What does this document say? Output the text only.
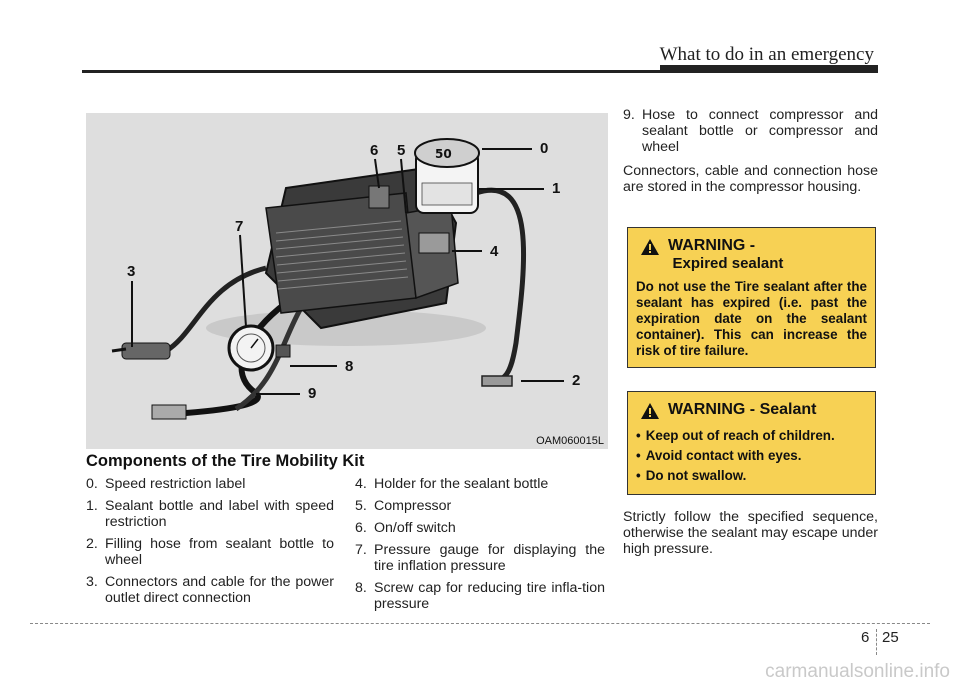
What to do in an emergency
50	0
1
2
3
4
5
6
7
8
9
OAM060015L
Components of the Tire Mobility Kit
0. Speed restriction label
1. Sealant bottle and label with speed restriction
2. Filling hose from sealant bottle to wheel
3. Connectors and cable for the power outlet direct connection
4. Holder for the sealant bottle
5. Compressor
6. On/off switch
7. Pressure gauge for displaying the tire inflation pressure
8. Screw cap for reducing tire infla-tion pressure
9. Hose to connect compressor and sealant bottle or compressor and wheel

Connectors, cable and connection hose are stored in the compressor housing.

WARNING - Expired sealant
Do not use the Tire sealant after the sealant has expired (i.e. past the expiration date on the sealant container). This can increase the risk of tire failure.
WARNING -
Sealant
• Keep out of reach of children.
• Avoid contact with eyes.
• Do not swallow.

Strictly follow the specified sequence, otherwise the sealant may escape under high pressure.

6 25
carmanualsonline.info
